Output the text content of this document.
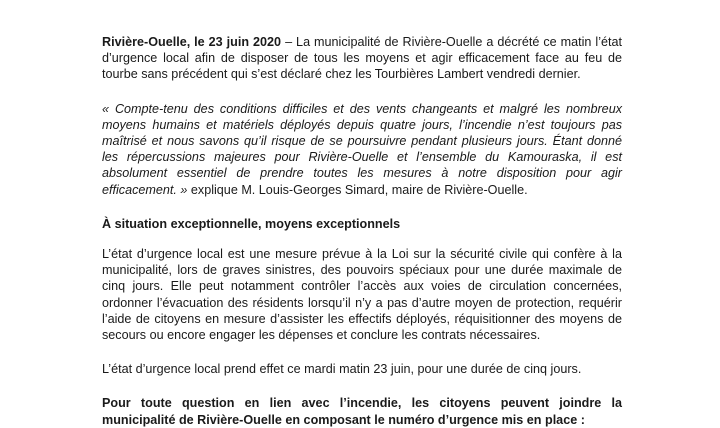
Rivière-Ouelle, le 23 juin 2020 – La municipalité de Rivière-Ouelle a décrété ce matin l’état d’urgence local afin de disposer de tous les moyens et agir efficacement face au feu de tourbe sans précédent qui s’est déclaré chez les Tourbières Lambert vendredi dernier.

« Compte-tenu des conditions difficiles et des vents changeants et malgré les nombreux moyens humains et matériels déployés depuis quatre jours, l’incendie n’est toujours pas maîtrisé et nous savons qu’il risque de se poursuivre pendant plusieurs jours. Étant donné les répercussions majeures pour Rivière-Ouelle et l’ensemble du Kamouraska, il est absolument essentiel de prendre toutes les mesures à notre disposition pour agir efficacement. » explique M. Louis-Georges Simard, maire de Rivière-Ouelle.

À situation exceptionnelle, moyens exceptionnels

L’état d’urgence local est une mesure prévue à la Loi sur la sécurité civile qui confère à la municipalité, lors de graves sinistres, des pouvoirs spéciaux pour une durée maximale de cinq jours. Elle peut notamment contrôler l’accès aux voies de circulation concernées, ordonner l’évacuation des résidents lorsqu’il n’y a pas d’autre moyen de protection, requérir l’aide de citoyens en mesure d’assister les effectifs déployés, réquisitionner des moyens de secours ou encore engager les dépenses et conclure les contrats nécessaires.

L’état d’urgence local prend effet ce mardi matin 23 juin, pour une durée de cinq jours.

Pour toute question en lien avec l’incendie, les citoyens peuvent joindre la municipalité de Rivière-Ouelle en composant le numéro d’urgence mis en place :
